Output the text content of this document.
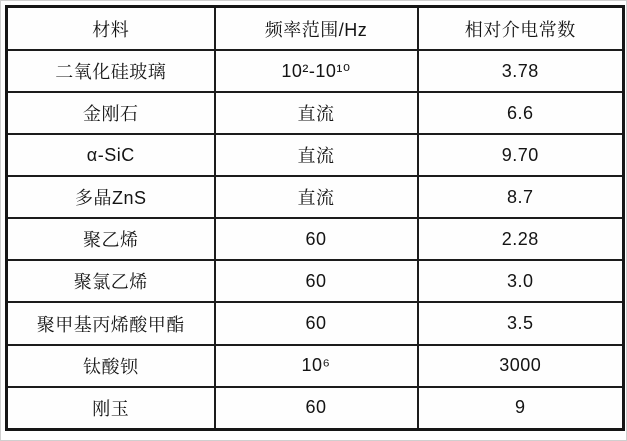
材料	频率范围/Hz	相对介电常数
二氧化硅玻璃	10²-10¹⁰	3.78
金刚石	直流	6.6
α-SiC	直流	9.70
多晶ZnS	直流	8.7
聚乙烯	60	2.28
聚氯乙烯	60	3.0
聚甲基丙烯酸甲酯	60	3.5
钛酸钡	10⁶	3000
刚玉	60	9
